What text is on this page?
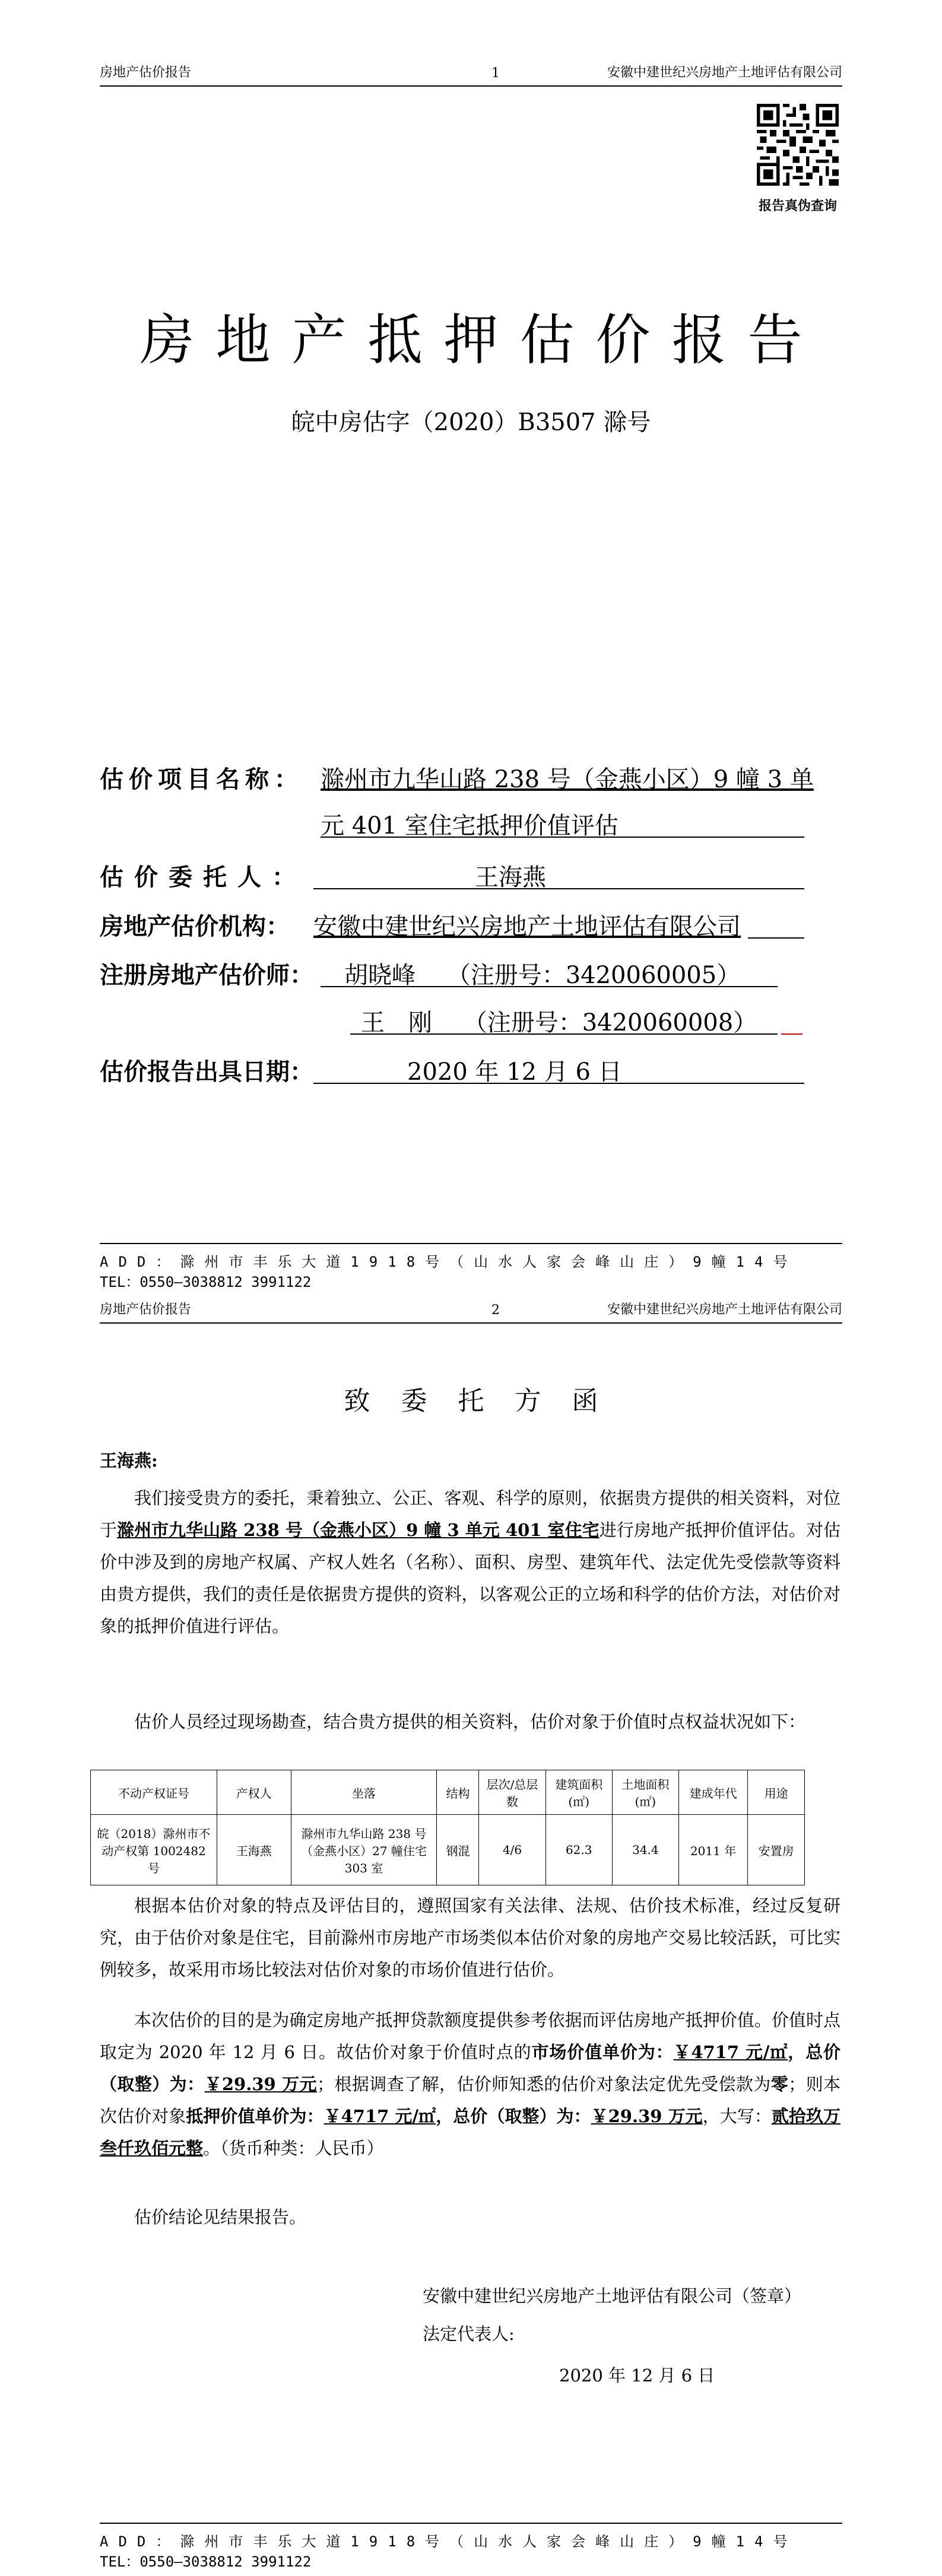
房地产估价报告	1	安徽中建世纪兴房地产土地评估有限公司
报告真伪查询
房地产抵押估价报告
皖中房估字（2020）B3507 滁号
估价项目名称： 滁州市九华山路 238 号（金燕小区）9 幢 3 单
元 401 室住宅抵押价值评估
估价委托人：	王海燕
房地产估价机构： 安徽中建世纪兴房地产土地评估有限公司
注册房地产估价师： 胡晓峰　 （注册号：3420060005）
王　刚　 （注册号：3420060008）
估价报告出具日期：	2020 年 12 月 6 日
ADD：滁州市丰乐大道1918号（山水人家会峰山庄）9幢14号
TEL：0550—3038812 3991122
房地产估价报告	2	安徽中建世纪兴房地产土地评估有限公司
致委托方函
王海燕:
我们接受贵方的委托，秉着独立、公正、客观、科学的原则，依据贵方提供的相关资料，对位于滁州市九华山路 238 号（金燕小区）9 幢 3 单元 401 室住宅进行房地产抵押价值评估。对估价中涉及到的房地产权属、产权人姓名（名称）、面积、房型、建筑年代、法定优先受偿款等资料由贵方提供，我们的责任是依据贵方提供的资料，以客观公正的立场和科学的估价方法，对估价对象的抵押价值进行评估。
估价人员经过现场勘查，结合贵方提供的相关资料，估价对象于价值时点权益状况如下：
不动产权证号	产权人	坐落	结构	层次/总层数	建筑面积(㎡)	土地面积(㎡)	建成年代	用途
皖（2018）滁州市不动产权第 1002482 号	王海燕	滁州市九华山路 238 号（金燕小区）27 幢住宅 303 室	钢混	4/6	62.3	34.4	2011 年	安置房
根据本估价对象的特点及评估目的，遵照国家有关法律、法规、估价技术标准，经过反复研究，由于估价对象是住宅，目前滁州市房地产市场类似本估价对象的房地产交易比较活跃，可比实例较多，故采用市场比较法对估价对象的市场价值进行估价。
本次估价的目的是为确定房地产抵押贷款额度提供参考依据而评估房地产抵押价值。价值时点取定为 2020 年 12 月 6 日。故估价对象于价值时点的市场价值单价为：￥4717 元/㎡，总价（取整）为：￥29.39 万元；根据调查了解，估价师知悉的估价对象法定优先受偿款为零；则本次估价对象抵押价值单价为：￥4717 元/㎡，总价（取整）为：￥29.39 万元，大写：贰拾玖万叁仟玖佰元整。（货币种类：人民币）
估价结论见结果报告。
安徽中建世纪兴房地产土地评估有限公司（签章）
法定代表人:
2020 年 12 月 6 日
ADD：滁州市丰乐大道1918号（山水人家会峰山庄）9幢14号
TEL：0550—3038812 3991122
